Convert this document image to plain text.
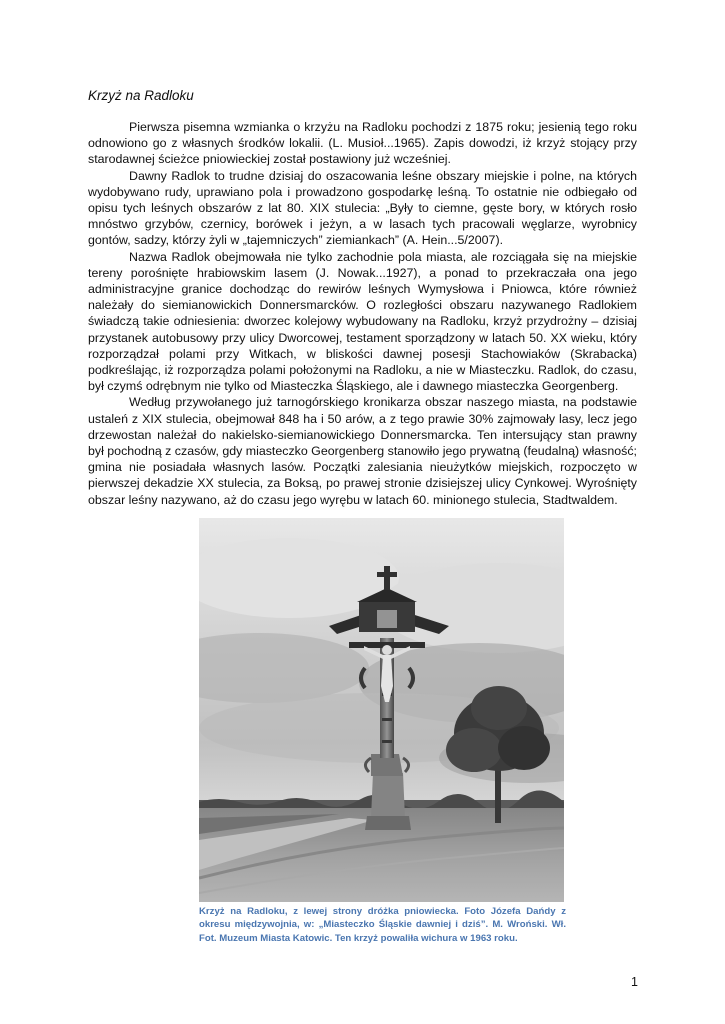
Krzyż na Radloku

Pierwsza pisemna wzmianka o krzyżu na Radloku pochodzi z 1875 roku; jesienią tego roku odnowiono go z własnych środków lokalii. (L. Musioł...1965). Zapis dowodzi, iż krzyż stojący przy starodawnej ścieżce pniowieckiej został postawiony już wcześniej.

Dawny Radlok to trudne dzisiaj do oszacowania leśne obszary miejskie i polne, na których wydobywano rudy, uprawiano pola i prowadzono gospodarkę leśną. To ostatnie nie odbiegało od opisu tych leśnych obszarów z lat 80. XIX stulecia: „Były to ciemne, gęste bory, w których rosło mnóstwo grzybów, czernicy, borówek i jeżyn, a w lasach tych pracowali węglarze, wyrobnicy gontów, sadzy, którzy żyli w „tajemniczych” ziemiankach” (A. Hein...5/2007).

Nazwa Radlok obejmowała nie tylko zachodnie pola miasta, ale rozciągała się na miejskie tereny porośnięte hrabiowskim lasem (J. Nowak...1927), a ponad to przekraczała ona jego administracyjne granice dochodząc do rewirów leśnych Wymysłowa i Pniowca, które również należały do siemianowickich Donnersmarcków. O rozległości obszaru nazywanego Radlokiem świadczą takie odniesienia: dworzec kolejowy wybudowany na Radloku, krzyż przydrożny – dzisiaj przystanek autobusowy przy ulicy Dworcowej, testament sporządzony w latach 50. XX wieku, który rozporządzał polami przy Witkach, w bliskości dawnej posesji Stachowiaków (Skrabacka) podkreślając, iż rozporządza polami położonymi na Radloku, a nie w Miasteczku. Radlok, do czasu, był czymś odrębnym nie tylko od Miasteczka Śląskiego, ale i dawnego miasteczka Georgenberg.

Według przywołanego już tarnogórskiego kronikarza obszar naszego miasta, na podstawie ustaleń z XIX stulecia, obejmował 848 ha i 50 arów, a z tego prawie 30% zajmowały lasy, lecz jego drzewostan należał do nakielsko-siemianowickiego Donnersmarcka. Ten intersujący stan prawny był pochodną z czasów, gdy miasteczko Georgenberg stanowiło jego prywatną (feudalną) własność; gmina nie posiadała własnych lasów. Początki zalesiania nieużytków miejskich, rozpoczęto w pierwszej dekadzie XX stulecia, za Boksą, po prawej stronie dzisiejszej ulicy Cynkowej. Wyrośnięty obszar leśny nazywano, aż do czasu jego wyrębu w latach 60. minionego stulecia, Stadtwaldem.

Krzyż na Radloku, z lewej strony dróżka pniowiecka. Foto Józefa Dańdy z okresu międzywojnia, w: „Miasteczko Śląskie dawniej i dziś”. M. Wroński. Wł. Fot. Muzeum Miasta Katowic. Ten krzyż powaliła wichura w 1963 roku.
1
